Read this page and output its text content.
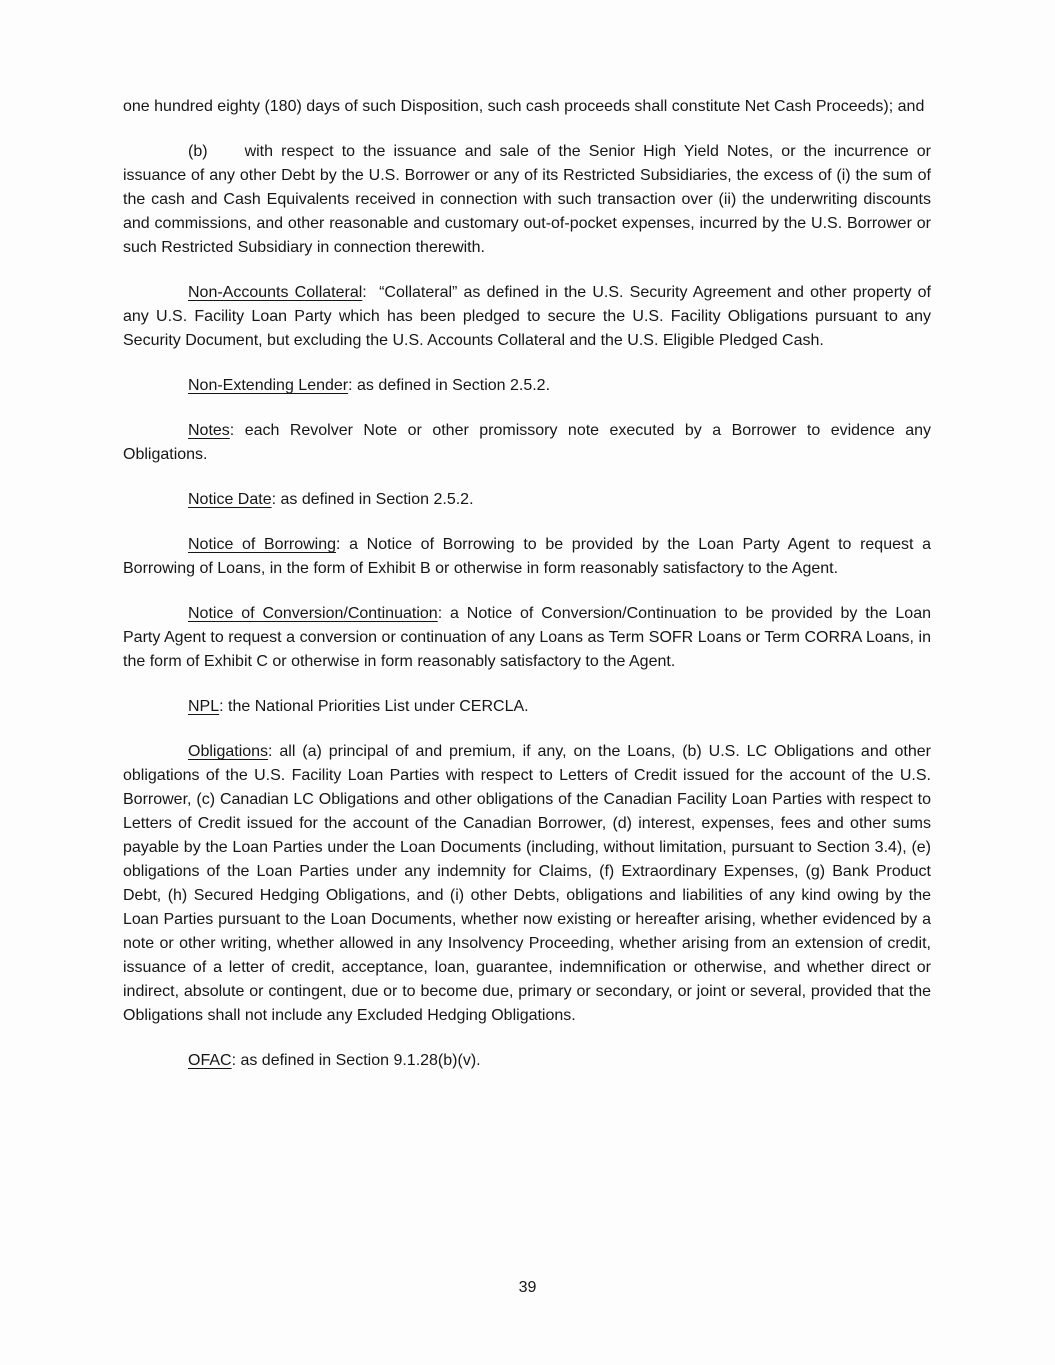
one hundred eighty (180) days of such Disposition, such cash proceeds shall constitute Net Cash Proceeds); and

(b) with respect to the issuance and sale of the Senior High Yield Notes, or the incurrence or issuance of any other Debt by the U.S. Borrower or any of its Restricted Subsidiaries, the excess of (i) the sum of the cash and Cash Equivalents received in connection with such transaction over (ii) the underwriting discounts and commissions, and other reasonable and customary out-of-pocket expenses, incurred by the U.S. Borrower or such Restricted Subsidiary in connection therewith.

Non-Accounts Collateral:  “Collateral” as defined in the U.S. Security Agreement and other property of any U.S. Facility Loan Party which has been pledged to secure the U.S. Facility Obligations pursuant to any Security Document, but excluding the U.S. Accounts Collateral and the U.S. Eligible Pledged Cash.

Non-Extending Lender: as defined in Section 2.5.2.

Notes: each Revolver Note or other promissory note executed by a Borrower to evidence any Obligations.

Notice Date: as defined in Section 2.5.2.

Notice of Borrowing: a Notice of Borrowing to be provided by the Loan Party Agent to request a Borrowing of Loans, in the form of Exhibit B or otherwise in form reasonably satisfactory to the Agent.

Notice of Conversion/Continuation: a Notice of Conversion/Continuation to be provided by the Loan Party Agent to request a conversion or continuation of any Loans as Term SOFR Loans or Term CORRA Loans, in the form of Exhibit C or otherwise in form reasonably satisfactory to the Agent.

NPL: the National Priorities List under CERCLA.

Obligations: all (a) principal of and premium, if any, on the Loans, (b) U.S. LC Obligations and other obligations of the U.S. Facility Loan Parties with respect to Letters of Credit issued for the account of the U.S. Borrower, (c) Canadian LC Obligations and other obligations of the Canadian Facility Loan Parties with respect to Letters of Credit issued for the account of the Canadian Borrower, (d) interest, expenses, fees and other sums payable by the Loan Parties under the Loan Documents (including, without limitation, pursuant to Section 3.4), (e) obligations of the Loan Parties under any indemnity for Claims, (f) Extraordinary Expenses, (g) Bank Product Debt, (h) Secured Hedging Obligations, and (i) other Debts, obligations and liabilities of any kind owing by the Loan Parties pursuant to the Loan Documents, whether now existing or hereafter arising, whether evidenced by a note or other writing, whether allowed in any Insolvency Proceeding, whether arising from an extension of credit, issuance of a letter of credit, acceptance, loan, guarantee, indemnification or otherwise, and whether direct or indirect, absolute or contingent, due or to become due, primary or secondary, or joint or several, provided that the Obligations shall not include any Excluded Hedging Obligations.

OFAC: as defined in Section 9.1.28(b)(v).

39
